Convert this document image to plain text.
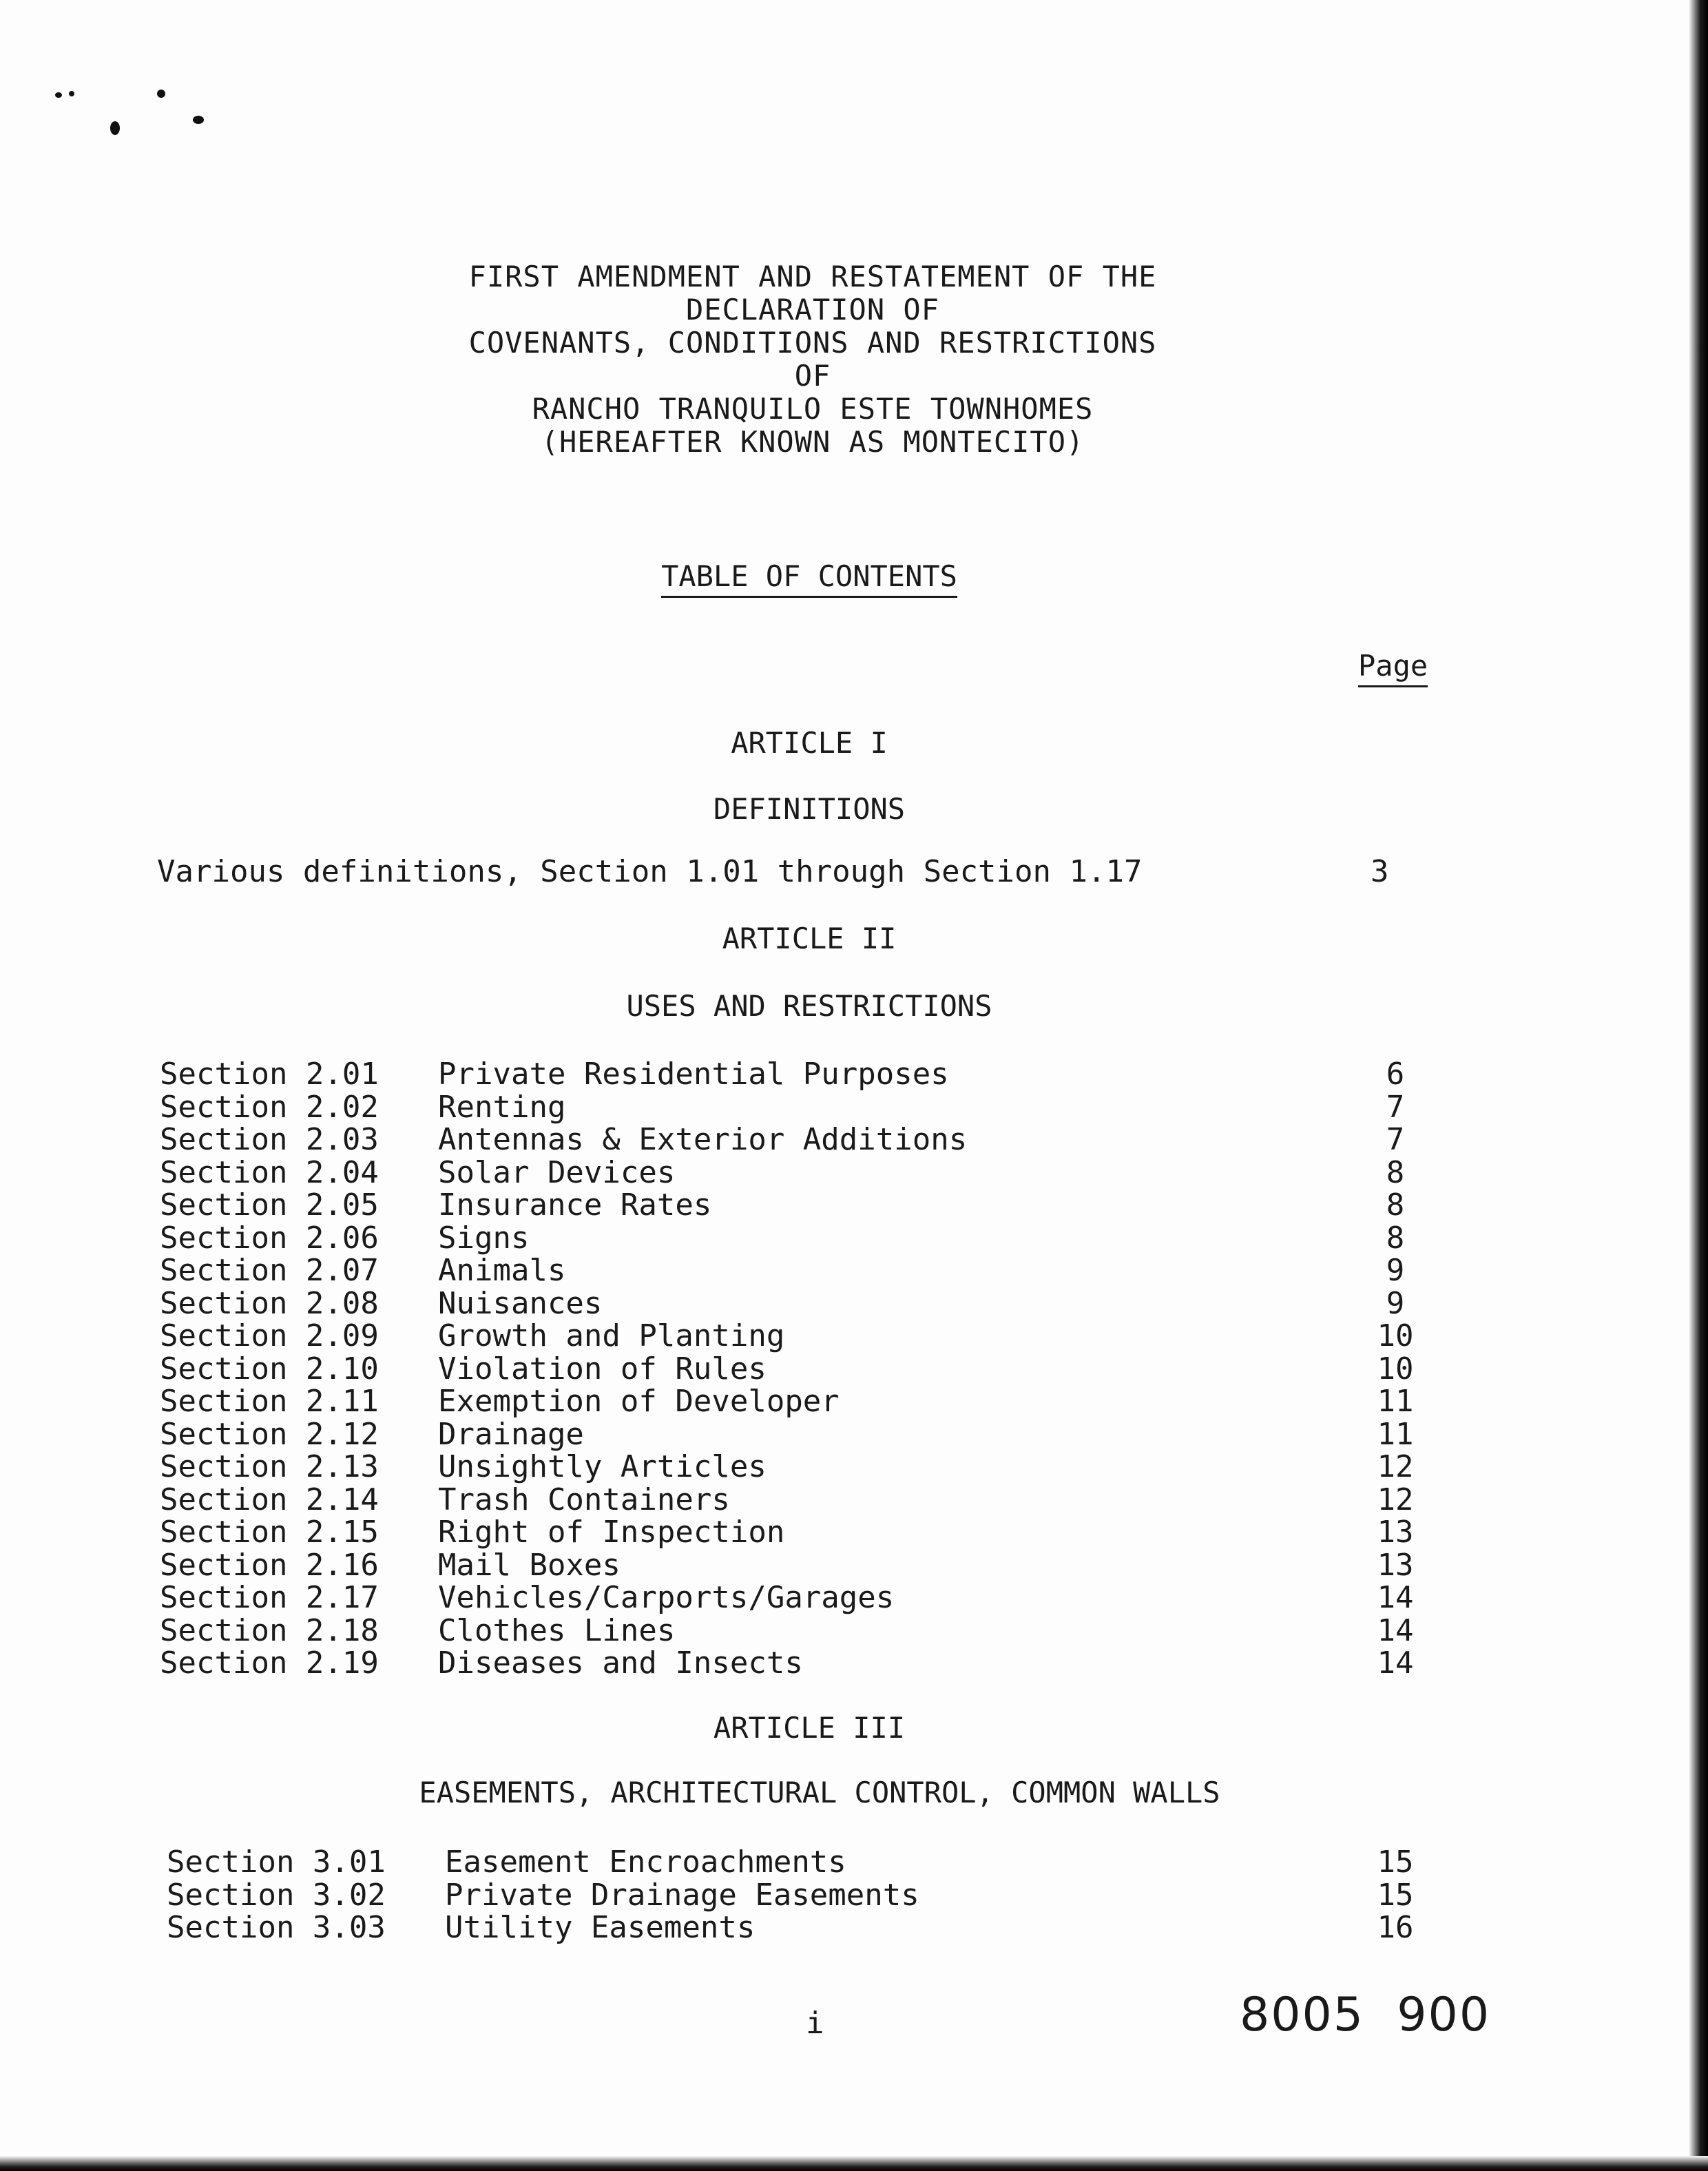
FIRST AMENDMENT AND RESTATEMENT OF THE
DECLARATION OF
COVENANTS, CONDITIONS AND RESTRICTIONS
OF
RANCHO TRANQUILO ESTE TOWNHOMES
(HEREAFTER KNOWN AS MONTECITO)
TABLE OF CONTENTS
Page
ARTICLE I
DEFINITIONS
Various definitions, Section 1.01 through Section 1.17	3
ARTICLE II
USES AND RESTRICTIONS
Section 2.01 Private Residential Purposes	6
Section 2.02 Renting	7
Section 2.03 Antennas & Exterior Additions	7
Section 2.04 Solar Devices	8
Section 2.05 Insurance Rates	8
Section 2.06 Signs	8
Section 2.07 Animals	9
Section 2.08 Nuisances	9
Section 2.09 Growth and Planting	10
Section 2.10 Violation of Rules	10
Section 2.11 Exemption of Developer	11
Section 2.12 Drainage	11
Section 2.13 Unsightly Articles	12
Section 2.14 Trash Containers	12
Section 2.15 Right of Inspection	13
Section 2.16 Mail Boxes	13
Section 2.17 Vehicles/Carports/Garages	14
Section 2.18 Clothes Lines	14
Section 2.19 Diseases and Insects	14
ARTICLE III
EASEMENTS, ARCHITECTURAL CONTROL, COMMON WALLS
Section 3.01 Easement Encroachments	15
Section 3.02 Private Drainage Easements	15
Section 3.03 Utility Easements	16
i	8005  900
